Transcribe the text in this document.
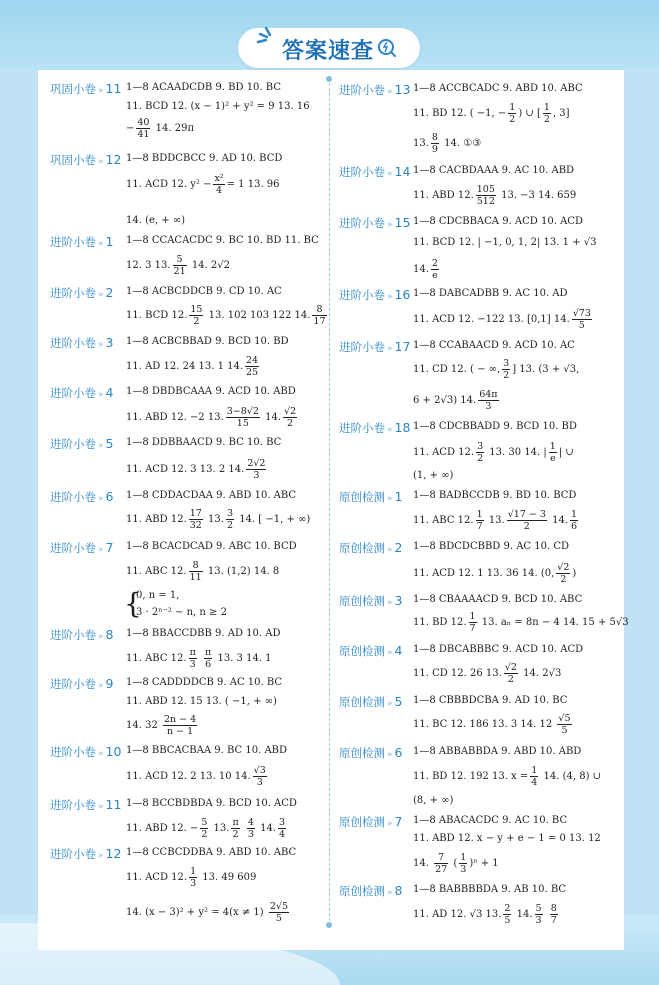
答案速查
巩固小卷 » 11
巩固小卷 » 12
进阶小卷 » 1
进阶小卷 » 2
进阶小卷 » 3
进阶小卷 » 4
进阶小卷 » 5
进阶小卷 » 6
进阶小卷 » 7
进阶小卷 » 8
进阶小卷 » 9
进阶小卷 » 10
进阶小卷 » 11
进阶小卷 » 12
进阶小卷 » 13
进阶小卷 » 14
进阶小卷 » 15
进阶小卷 » 16
进阶小卷 » 17
进阶小卷 » 18
原创检测 » 1
原创检测 » 2
原创检测 » 3
原创检测 » 4
原创检测 » 5
原创检测 » 6
原创检测 » 7
原创检测 » 8
1—8 ACAADCDB 9. BD 10. BC
11. BCD 12. (x − 1)² + y² = 9 13. 16
− $\frac{40}{41} 14$. 29π
1—8 BDDCBCC 9. AD 10. BCD
11. ACD 12. $y^2 - \frac{\text{x²}}{4} = 1$ 13. 96
14. (e, + ∞)
1—8 CCACACDC 9. BC 10. BD 11. BC
12. 3 13. $\frac{5}{21} 14$. 2√2
1—8 ACBCDDCB 9. CD 10. AC
11. BCD 12. $\frac{15}{2} 13$. 102 103 122 14. $\frac{8}{17}$
1—8 ACBCBBAD 9. BCD 10. BD
11. AD 12. 24 13. 1 14. $\frac{24}{25}$
1—8 DBDBCAAA 9. ACD 10. ABD
11. ABD 12. −2 13. $\frac{3-8√2}{15} 14$. $\frac{√2}{2}$
1—8 DDBBAACD 9. BC 10. BC
11. ACD 12. 3 13. 2 14. $\frac{2√2}{3}$
1—8 CDDACDAA 9. ABD 10. ABC
11. ABD 12. $\frac{17}{32} 13$. $\frac{3}{2} 14$. [ −1, + ∞)
1—8 BCACDCAD 9. ABC 10. BCD
11. ABC 12. $\frac{8}{11} 13$. (1,2) 14. 8
{
0, n = 1,
3 · 2ⁿ⁻² − n, n ≥ 2
1—8 BBACCDBB 9. AD 10. AD
11. ABC 12. $\frac{\pi}{3}$
$\frac{\pi}{6} 13$. 3 14. 1
1—8 CADDDDCB 9. AC 10. BC
11. ABD 12. 15 13. ( −1, + ∞)
14. $32 \frac{2n - 4}{n - 1}$
1—8 BBCACBAA 9. BC 10. ABD
11. ACD 12. 2 13. 10 14. $\frac{√3}{3}$
1—8 BCCBDBDA 9. BCD 10. ACD
11. ABD 12. − $\frac{5}{2} 13$. $\frac{\pi}{2}$
$\frac{4}{3} 14$. $\frac{3}{4}$
1—8 CCBCDDBA 9. ABD 10. ABC
11. ACD 12. $\frac{1}{3} 13$. 49 609
14. $(x - 3)^2 + y^2 = 4(x \ne 1) \frac{2√5}{5}$
1—8 ACCBCADC 9. ABD 10. ABC
11. BD 12. ( −1, − $\frac{1}{2}$ ) ∪ [ $\frac{1}{2}$ , 3]
13. $\frac{8}{9} 14$. ①③
1—8 CACBDAAA 9. AC 10. ABD
11. ABD 12. $\frac{105}{512} 13$. −3 14. 659
1—8 CDCBBACA 9. ACD 10. ACD
11. BCD 12. | −1, 0, 1, 2| 13. 1 + √3
14. $\frac{2}{e}$
1—8 DABCADBB 9. AC 10. AD
11. ACD 12. −122 13. [0,1] 14. $\frac{√73}{5}$
1—8 CCABAACD 9. ACD 10. AC
11. CD 12. ( − ∞, $\frac{3}{2}$ ] 13. (3 + √3,
6 + 2√3) 14. $\frac{64\pi}{3}$
1—8 CDCBBADD 9. BCD 10. BD
11. ACD 12. $\frac{3}{2} 13$. 30 14. | $\frac{1}{e}$ | ∪
(1, + ∞)
1—8 BADBCCDB 9. BD 10. BCD
11. ABC 12. $\frac{1}{7} 13$. $\frac{√17 - 3}{2} 14$. $\frac{1}{6}$
1—8 BDCDCBBD 9. AC 10. CD
11. ACD 12. 1 13. 36 14. (0, $\frac{√2}{2}$ )
1—8 CBAAAACD 9. BCD 10. ABC
11. BD 12. $\frac{1}{7} 13$. aₙ = 8n − 4 14. 15 + 5√3
1—8 DBCABBBC 9. ACD 10. ACD
11. CD 12. 26 13. $\frac{√2}{2} 14$. 2√3
1—8 CBBBDCBA 9. AD 10. BC
11. BC 12. 186 13. 3 14. $12 \frac{√5}{5}$
1—8 ABBABBDA 9. ABD 10. ABD
11. BD 12. 192 13. $x = \frac{1}{4} 14$. (4, 8) ∪
(8, + ∞)
1—8 ABACACDC 9. AC 10. BC
11. ABD 12. x − y + e − 1 = 0 13. 12
14. $\frac{7}{27}$ ( $\frac{1}{3} )^n + 1$
1—8 BABBBBDA 9. AB 10. BC
11. AD 12. √3 13. $\frac{2}{5} 14$. $\frac{5}{3}$
$\frac{8}{7}$
